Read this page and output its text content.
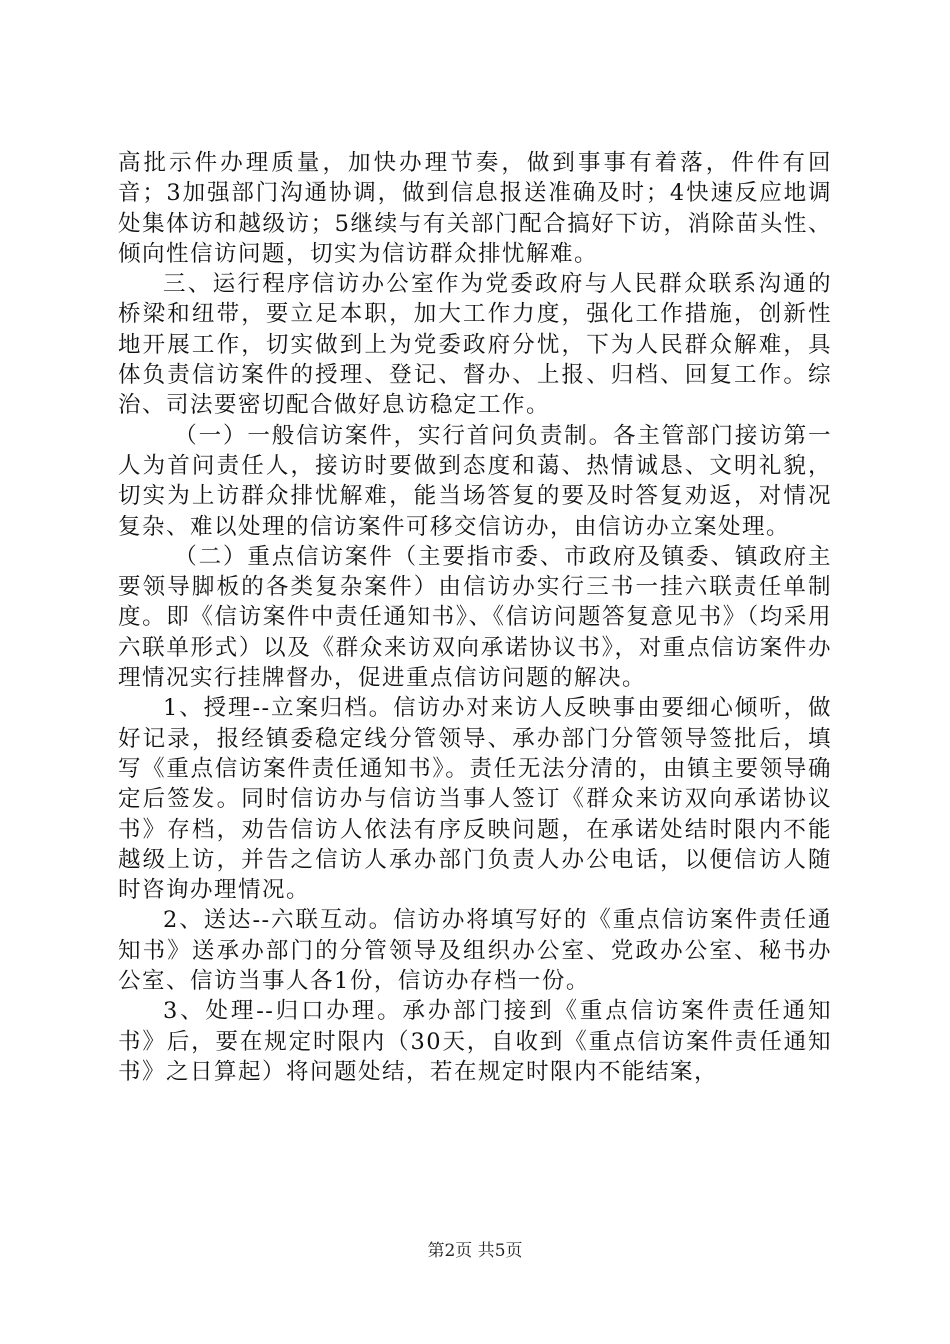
高批示件办理质量，加快办理节奏，做到事事有着落，件件有回音；3加强部门沟通协调，做到信息报送准确及时；4快速反应地调处集体访和越级访；5继续与有关部门配合搞好下访，消除苗头性、倾向性信访问题，切实为信访群众排忧解难。

三、运行程序信访办公室作为党委政府与人民群众联系沟通的桥梁和纽带，要立足本职，加大工作力度，强化工作措施，创新性地开展工作，切实做到上为党委政府分忧，下为人民群众解难，具体负责信访案件的授理、登记、督办、上报、归档、回复工作。综治、司法要密切配合做好息访稳定工作。

（一）一般信访案件，实行首问负责制。各主管部门接访第一人为首问责任人，接访时要做到态度和蔼、热情诚恳、文明礼貌，切实为上访群众排忧解难，能当场答复的要及时答复劝返，对情况复杂、难以处理的信访案件可移交信访办，由信访办立案处理。

（二）重点信访案件（主要指市委、市政府及镇委、镇政府主要领导脚板的各类复杂案件）由信访办实行三书一挂六联责任单制度。即《信访案件中责任通知书》、《信访问题答复意见书》（均采用六联单形式）以及《群众来访双向承诺协议书》，对重点信访案件办理情况实行挂牌督办，促进重点信访问题的解决。

1、授理--立案归档。信访办对来访人反映事由要细心倾听，做好记录，报经镇委稳定线分管领导、承办部门分管领导签批后，填写《重点信访案件责任通知书》。责任无法分清的，由镇主要领导确定后签发。同时信访办与信访当事人签订《群众来访双向承诺协议书》存档，劝告信访人依法有序反映问题，在承诺处结时限内不能越级上访，并告之信访人承办部门负责人办公电话，以便信访人随时咨询办理情况。

2、送达--六联互动。信访办将填写好的《重点信访案件责任通知书》送承办部门的分管领导及组织办公室、党政办公室、秘书办公室、信访当事人各1份，信访办存档一份。

3、处理--归口办理。承办部门接到《重点信访案件责任通知书》后，要在规定时限内（30天，自收到《重点信访案件责任通知书》之日算起）将问题处结，若在规定时限内不能结案，

第2页 共5页
